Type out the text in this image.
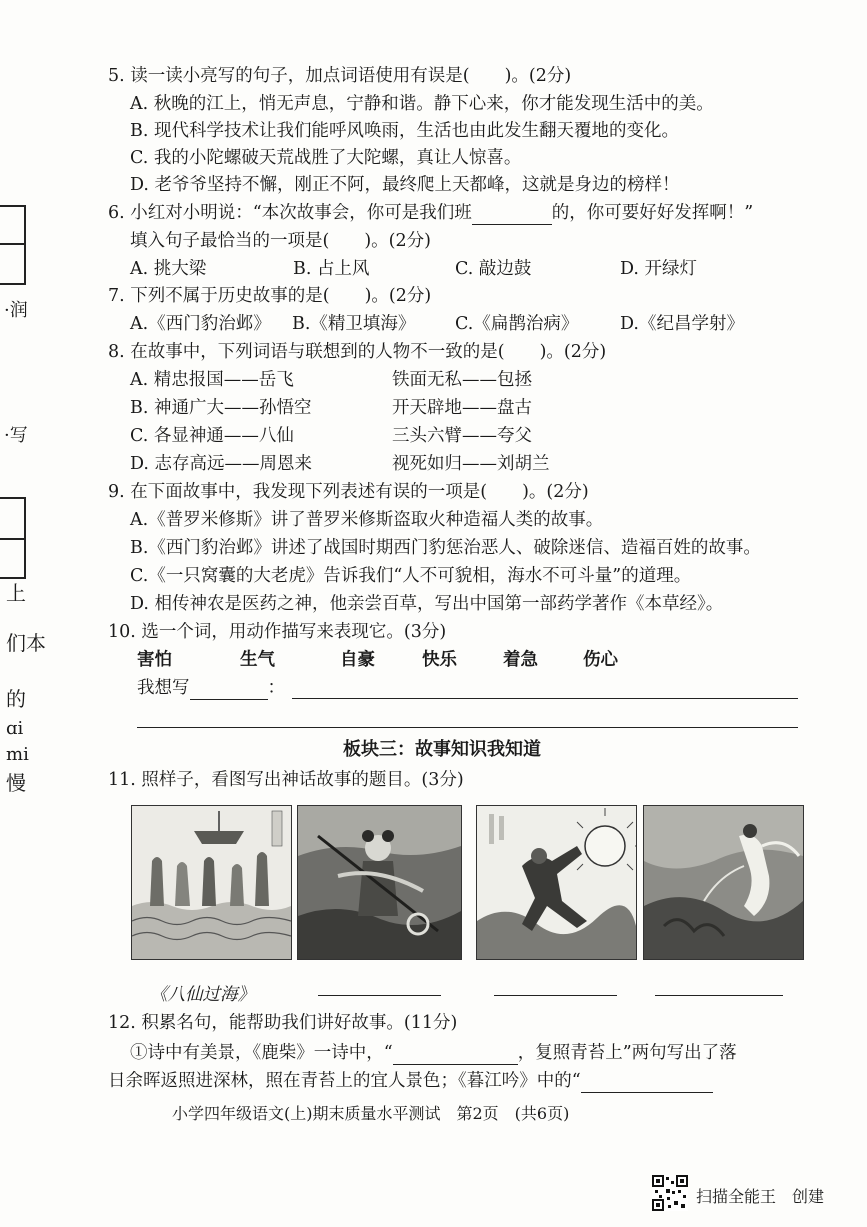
·润
·写
上
们本
的
ɑi
mi
慢
5. 读一读小亮写的句子，加点词语使用有误是(　　)。(2分)
A. 秋晚的江上，悄无声息，宁静和谐。静下心来，你才能发现生活中的美。
B. 现代科学技术让我们能呼风唤雨，生活也由此发生翻天覆地的变化。
C. 我的小陀螺破天荒战胜了大陀螺，真让人惊喜。
D. 老爷爷坚持不懈，刚正不阿，最终爬上天都峰，这就是身边的榜样！
6. 小红对小明说：“本次故事会，你可是我们班	的，你可要好好发挥啊！”
填入句子最恰当的一项是(　　)。(2分)
A. 挑大梁	B. 占上风	C. 敲边鼓	D. 开绿灯
7. 下列不属于历史故事的是(　　)。(2分)
A.《西门豹治邺》 B.《精卫填海》 C.《扁鹊治病》 D.《纪昌学射》
8. 在故事中，下列词语与联想到的人物不一致的是(　　)。(2分)
A. 精忠报国——岳飞	铁面无私——包拯
B. 神通广大——孙悟空	开天辟地——盘古
C. 各显神通——八仙	三头六臂——夸父
D. 志存高远——周恩来	视死如归——刘胡兰
9. 在下面故事中，我发现下列表述有误的一项是(　　)。(2分)
A.《普罗米修斯》讲了普罗米修斯盗取火种造福人类的故事。
B.《西门豹治邺》讲述了战国时期西门豹惩治恶人、破除迷信、造福百姓的故事。
C.《一只窝囊的大老虎》告诉我们“人不可貌相，海水不可斗量”的道理。
D. 相传神农是医药之神，他亲尝百草，写出中国第一部药学著作《本草经》。
10. 选一个词，用动作描写来表现它。(3分)
害怕	生气	自豪	快乐	着急	伤心
我想写	：
板块三：故事知识我知道
11. 照样子，看图写出神话故事的题目。(3分)
《八仙过海》
12. 积累名句，能帮助我们讲好故事。(11分)
①诗中有美景，《鹿柴》一诗中，“	，复照青苔上”两句写出了落
日余晖返照进深林，照在青苔上的宜人景色；《暮江吟》中的“
小学四年级语文(上)期末质量水平测试　第2页　(共6页)
扫描全能王　创建
